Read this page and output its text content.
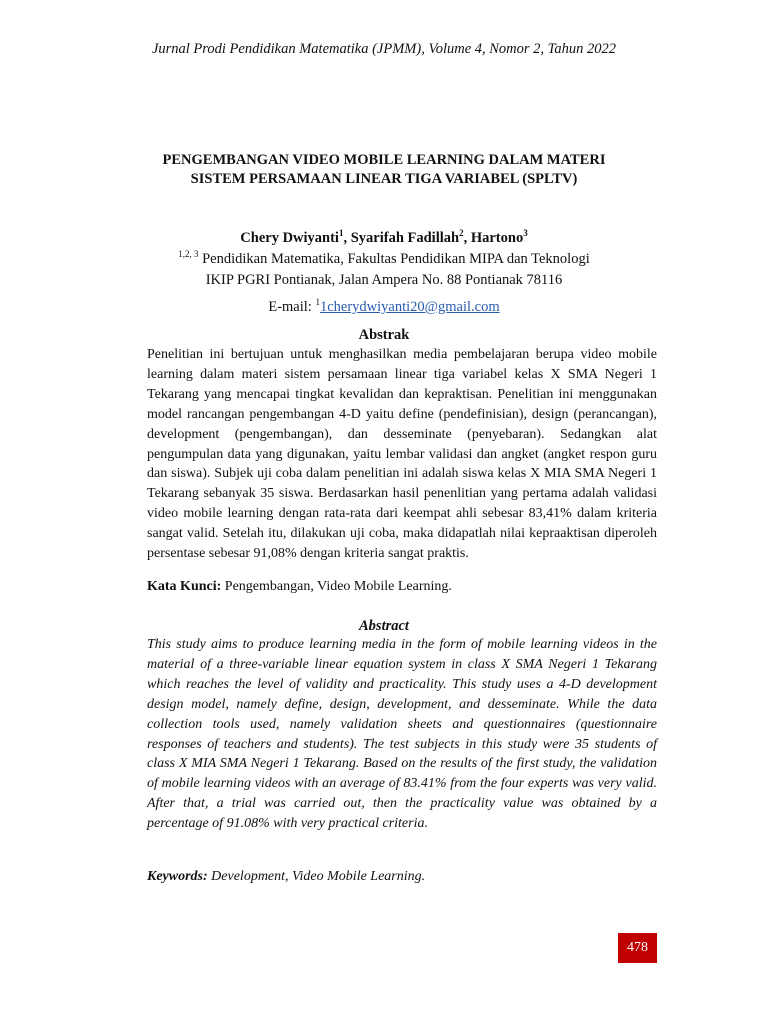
Jurnal Prodi Pendidikan Matematika (JPMM), Volume 4, Nomor 2, Tahun 2022
PENGEMBANGAN VIDEO MOBILE LEARNING DALAM MATERI
SISTEM PERSAMAAN LINEAR TIGA VARIABEL (SPLTV)
Chery Dwiyanti$^1$, Syarifah Fadillah$^2$, Hartono$^3$
$^{1,2, 3}$ Pendidikan Matematika, Fakultas Pendidikan MIPA dan Teknologi
IKIP PGRI Pontianak, Jalan Ampera No. 88 Pontianak 78116
E-mail: $^1$1cherydwiyanti20@gmail.com
Abstrak

Penelitian ini bertujuan untuk menghasilkan media pembelajaran berupa video mobile learning dalam materi sistem persamaan linear tiga variabel kelas X SMA Negeri 1 Tekarang yang mencapai tingkat kevalidan dan kepraktisan. Penelitian ini menggunakan model rancangan pengembangan 4-D yaitu define (pendefinisian), design (perancangan), development (pengembangan), dan desseminate (penyebaran). Sedangkan alat pengumpulan data yang digunakan, yaitu lembar validasi dan angket (angket respon guru dan siswa). Subjek uji coba dalam penelitian ini adalah siswa kelas X MIA SMA Negeri 1 Tekarang sebanyak 35 siswa. Berdasarkan hasil penenlitian yang pertama adalah validasi video mobile learning dengan rata-rata dari keempat ahli sebesar 83,41% dalam kriteria sangat valid. Setelah itu, dilakukan uji coba, maka didapatlah nilai kepraaktisan diperoleh persentase sebesar 91,08% dengan kriteria sangat praktis.

Kata Kunci: Pengembangan, Video Mobile Learning.
Abstract

This study aims to produce learning media in the form of mobile learning videos in the material of a three-variable linear equation system in class X SMA Negeri 1 Tekarang which reaches the level of validity and practicality. This study uses a 4-D development design model, namely define, design, development, and desseminate. While the data collection tools used, namely validation sheets and questionnaires (questionnaire responses of teachers and students). The test subjects in this study were 35 students of class X MIA SMA Negeri 1 Tekarang. Based on the results of the first study, the validation of mobile learning videos with an average of 83.41% from the four experts was very valid. After that, a trial was carried out, then the practicality value was obtained by a percentage of 91.08% with very practical criteria.

Keywords: Development, Video Mobile Learning.
478
